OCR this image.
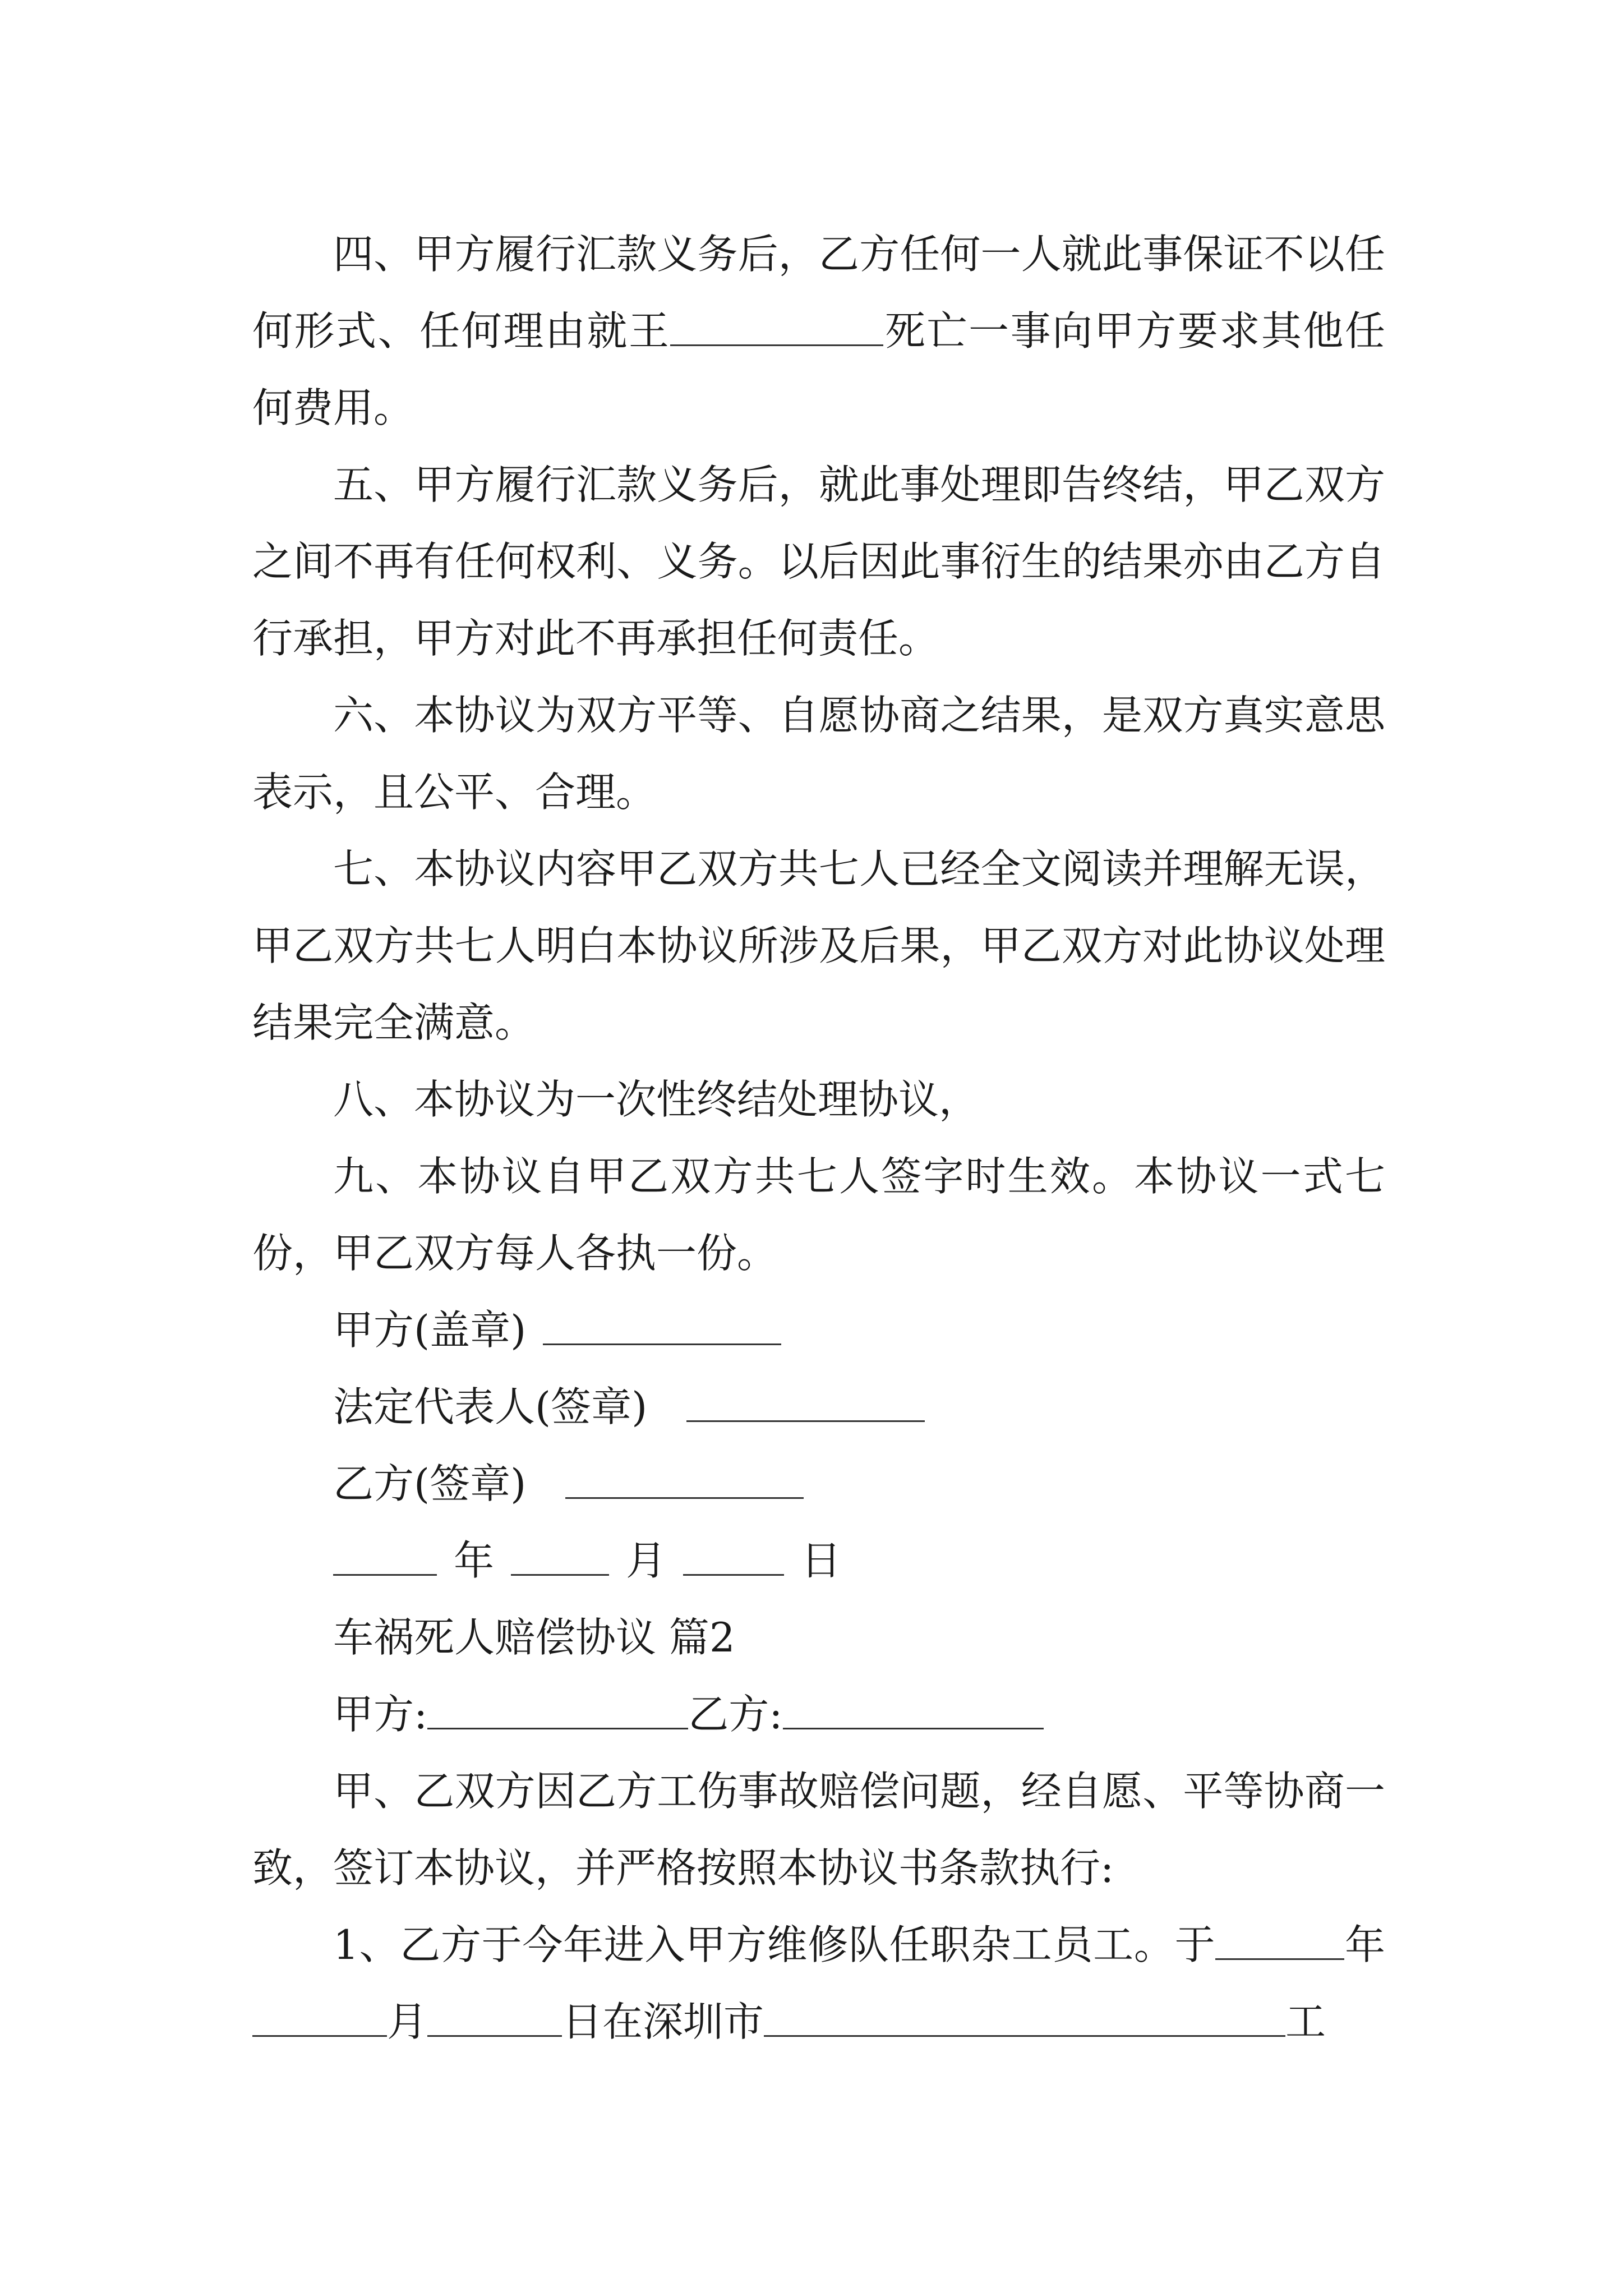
四、甲方履行汇款义务后，乙方任何一人就此事保证不以任何形式、任何理由就王	死亡一事向甲方要求其他任何费用。

五、甲方履行汇款义务后，就此事处理即告终结，甲乙双方之间不再有任何权利、义务。以后因此事衍生的结果亦由乙方自行承担，甲方对此不再承担任何责任。

六、本协议为双方平等、自愿协商之结果，是双方真实意思表示，且公平、合理。

七、本协议内容甲乙双方共七人已经全文阅读并理解无误，甲乙双方共七人明白本协议所涉及后果，甲乙双方对此协议处理结果完全满意。

八、本协议为一次性终结处理协议，

九、本协议自甲乙双方共七人签字时生效。本协议一式七份，甲乙双方每人各执一份。

甲方(盖章)

法定代表人(签章)

乙方(签章)

年	月	日

车祸死人赔偿协议 篇2

甲方:	乙方:

甲、乙双方因乙方工伤事故赔偿问题，经自愿、平等协商一致，签订本协议，并严格按照本协议书条款执行:

1、乙方于今年进入甲方维修队任职杂工员工。于	年月	日在深圳市	工
